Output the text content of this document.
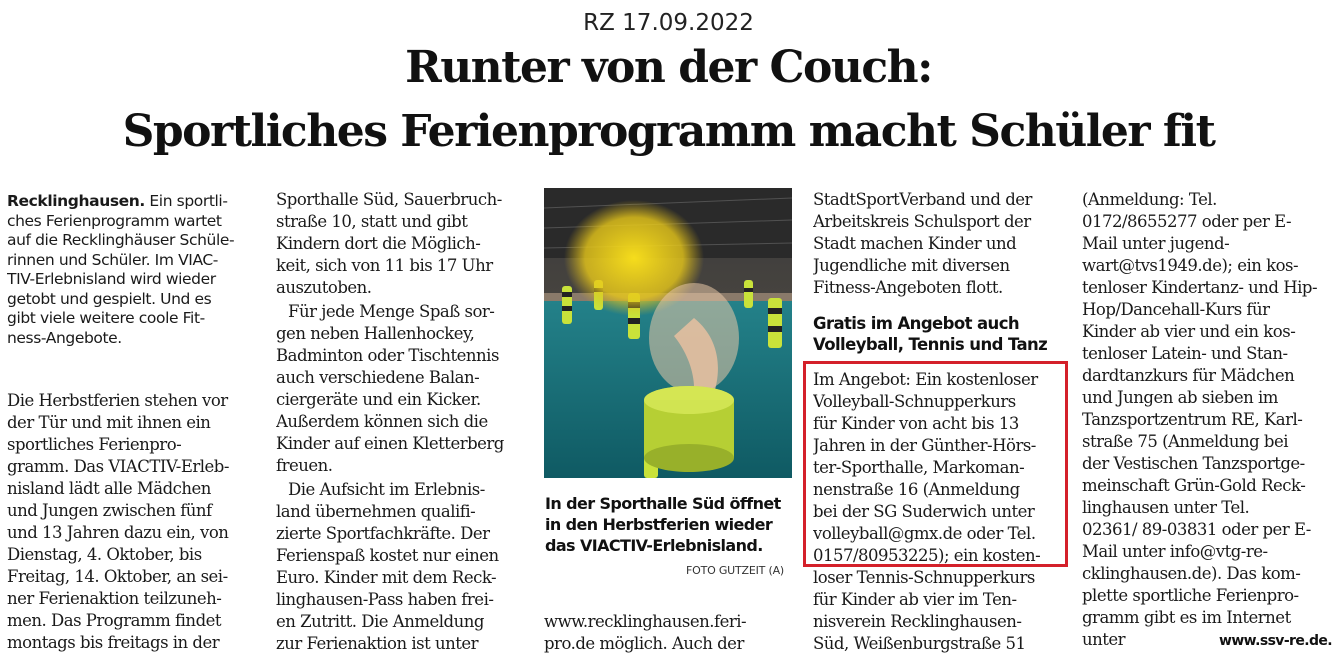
RZ 17.09.2022
Runter von der Couch:
Sportliches Ferienprogramm macht Schüler fit
Recklinghausen. Ein sportli-
ches Ferienprogramm wartet
auf die Recklinghäuser Schüle-
rinnen und Schüler. Im VIAC-
TIV-Erlebnisland wird wieder
getobt und gespielt. Und es
gibt viele weitere coole Fit-
ness-Angebote.
Die Herbstferien stehen vor
der Tür und mit ihnen ein
sportliches Ferienpro-
gramm. Das VIACTIV-Erleb-
nisland lädt alle Mädchen
und Jungen zwischen fünf
und 13 Jahren dazu ein, von
Dienstag, 4. Oktober, bis
Freitag, 14. Oktober, an sei-
ner Ferienaktion teilzuneh-
men. Das Programm findet
montags bis freitags in der
Sporthalle Süd, Sauerbruch-
straße 10, statt und gibt
Kindern dort die Möglich-
keit, sich von 11 bis 17 Uhr
auszutoben.
Für jede Menge Spaß sor-
gen neben Hallenhockey,
Badminton oder Tischtennis
auch verschiedene Balan-
ciergeräte und ein Kicker.
Außerdem können sich die
Kinder auf einen Kletterberg
freuen.
Die Aufsicht im Erlebnis-
land übernehmen qualifi-
zierte Sportfachkräfte. Der
Ferienspaß kostet nur einen
Euro. Kinder mit dem Reck-
linghausen-Pass haben frei-
en Zutritt. Die Anmeldung
zur Ferienaktion ist unter
In der Sporthalle Süd öffnet
in den Herbstferien wieder
das VIACTIV-Erlebnisland.
FOTO GUTZEIT (A)
www.recklinghausen.feri-
pro.de möglich. Auch der
StadtSportVerband und der
Arbeitskreis Schulsport der
Stadt machen Kinder und
Jugendliche mit diversen
Fitness-Angeboten flott.
Gratis im Angebot auch
Volleyball, Tennis und Tanz
Im Angebot: Ein kostenloser
Volleyball-Schnupperkurs
für Kinder von acht bis 13
Jahren in der Günther-Hörs-
ter-Sporthalle, Markoman-
nenstraße 16 (Anmeldung
bei der SG Suderwich unter
volleyball@gmx.de oder Tel.
0157/80953225); ein kosten-
loser Tennis-Schnupperkurs
für Kinder ab vier im Ten-
nisverein Recklinghausen-
Süd, Weißenburgstraße 51
(Anmeldung: Tel.
0172/8655277 oder per E-
Mail unter jugend-
wart@tvs1949.de); ein kos-
tenloser Kindertanz- und Hip-
Hop/Dancehall-Kurs für
Kinder ab vier und ein kos-
tenloser Latein- und Stan-
dardtanzkurs für Mädchen
und Jungen ab sieben im
Tanzsportzentrum RE, Karl-
straße 75 (Anmeldung bei
der Vestischen Tanzsportge-
meinschaft Grün-Gold Reck-
linghausen unter Tel.
02361/ 89-03831 oder per E-
Mail unter info@vtg-re-
cklinghausen.de). Das kom-
plette sportliche Ferienpro-
gramm gibt es im Internet
unter	www.ssv-re.de.
